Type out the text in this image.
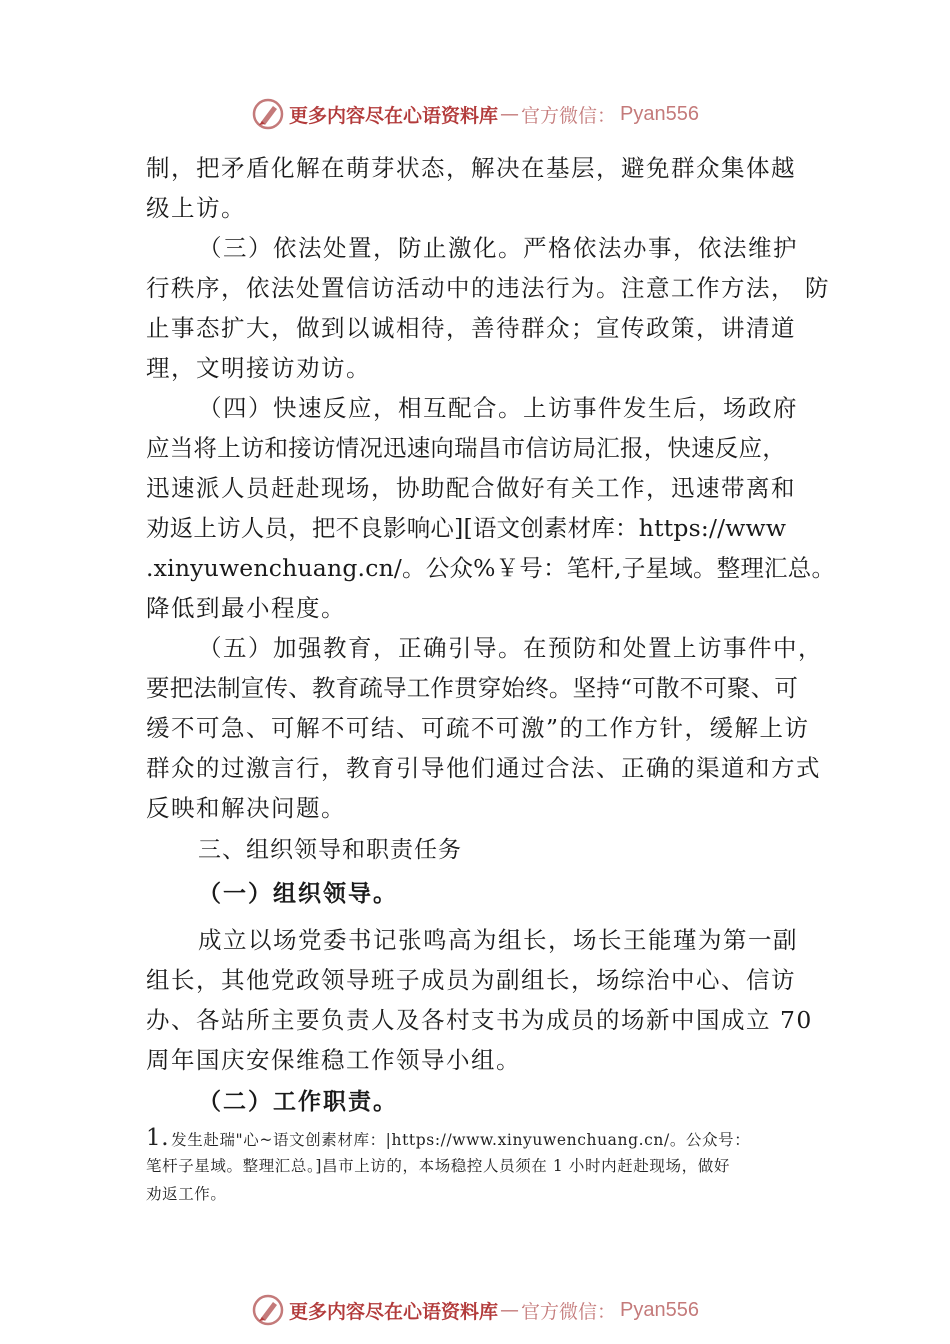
更多内容尽在心语资料库 — 官方微信： Pyan556
制，把矛盾化解在萌芽状态，解决在基层，避免群众集体越
级上访。
（三）依法处置，防止激化。严格依法办事，依法维护
行秩序，依法处置信访活动中的违法行为。注意工作方法， 防
止事态扩大，做到以诚相待，善待群众；宣传政策，讲清道
理，文明接访劝访。
（四）快速反应，相互配合。上访事件发生后，场政府
应当将上访和接访情况迅速向瑞昌市信访局汇报，快速反应，
迅速派人员赶赴现场，协助配合做好有关工作，迅速带离和
劝返上访人员，把不良影响心][语文创素材库：https://www
.xinyuwenchuang.cn/。公众%￥号：笔杆,子星域。整理汇总。
降低到最小程度。
（五）加强教育，正确引导。在预防和处置上访事件中，
要把法制宣传、教育疏导工作贯穿始终。坚持“可散不可聚、可
缓不可急、可解不可结、可疏不可激”的工作方针，缓解上访
群众的过激言行，教育引导他们通过合法、正确的渠道和方式
反映和解决问题。
三、组织领导和职责任务
（一）组织领导。
成立以场党委书记张鸣高为组长，场长王能瑾为第一副
组长，其他党政领导班子成员为副组长，场综治中心、信访
办、各站所主要负责人及各村支书为成员的场新中国成立 70
周年国庆安保维稳工作领导小组。
（二）工作职责。
1. 发生赴瑞"心~语文创素材库：|https://www.xinyuwenchuang.cn/。公众号：
笔杆子星域。整理汇总。]昌市上访的，本场稳控人员须在 1 小时内赶赴现场，做好
劝返工作。
更多内容尽在心语资料库 — 官方微信： Pyan556
